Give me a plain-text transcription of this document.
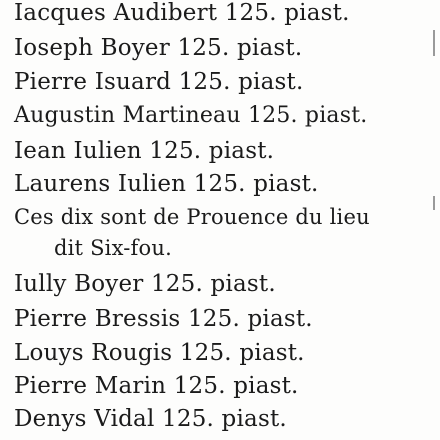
Iacques Audibert 125. piast.
Ioseph Boyer 125. piast.
Pierre Isuard 125. piast.
Augustin Martineau 125. piast.
Iean Iulien 125. piast.
Laurens Iulien 125. piast.
Ces dix sont de Prouence du lieu
dit Six-fou.
Iully Boyer 125. piast.
Pierre Bressis 125. piast.
Louys Rougis 125. piast.
Pierre Marin 125. piast.
Denys Vidal 125. piast.
